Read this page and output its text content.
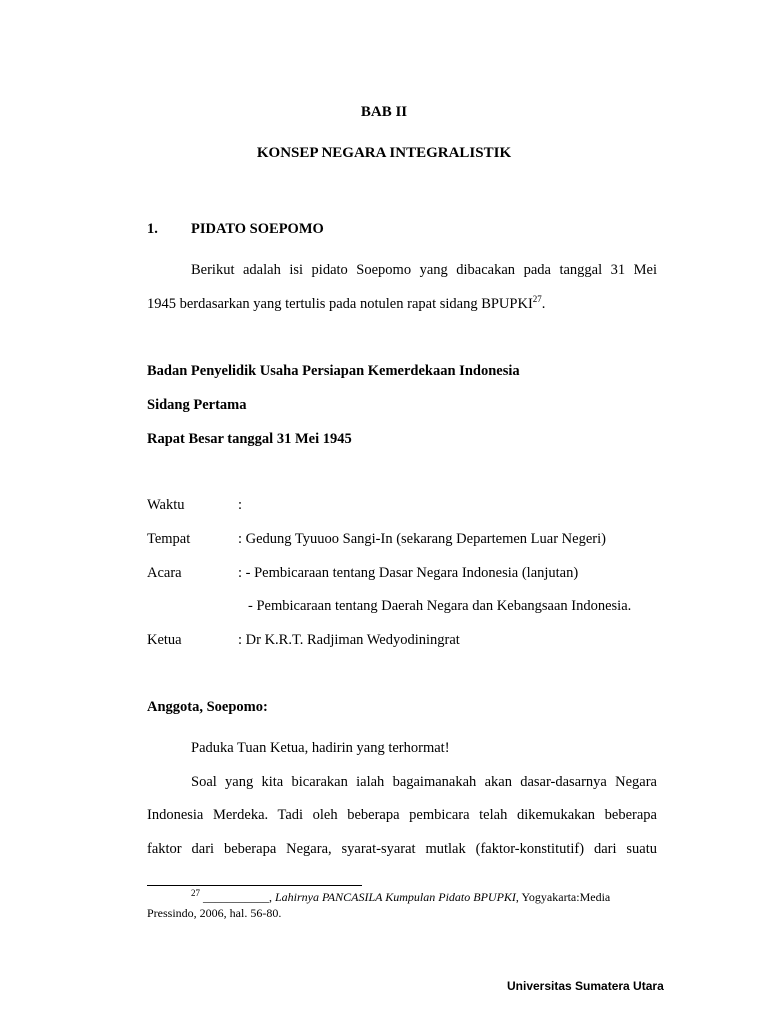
BAB II
KONSEP NEGARA INTEGRALISTIK
1. PIDATO SOEPOMO
Berikut adalah isi pidato Soepomo yang dibacakan pada tanggal 31 Mei
1945 berdasarkan yang tertulis pada notulen rapat sidang BPUPKI$^{27}$.
Badan Penyelidik Usaha Persiapan Kemerdekaan Indonesia
Sidang Pertama
Rapat Besar tanggal 31 Mei 1945
Waktu	:
Tempat	: Gedung Tyuuoo Sangi-In (sekarang Departemen Luar Negeri)
Acara	: - Pembicaraan tentang Dasar Negara Indonesia (lanjutan)
- Pembicaraan tentang Daerah Negara dan Kebangsaan Indonesia.
Ketua	: Dr K.R.T. Radjiman Wedyodiningrat
Anggota, Soepomo:
Paduka Tuan Ketua, hadirin yang terhormat!
Soal yang kita bicarakan ialah bagaimanakah akan dasar-dasarnya Negara
Indonesia Merdeka. Tadi oleh beberapa pembicara telah dikemukakan beberapa
faktor dari beberapa Negara, syarat-syarat mutlak (faktor-konstitutif) dari suatu
$^{27}$ ___________, Lahirnya PANCASILA Kumpulan Pidato BPUPKI, Yogyakarta:Media
Pressindo, 2006, hal. 56-80.
Universitas Sumatera Utara
